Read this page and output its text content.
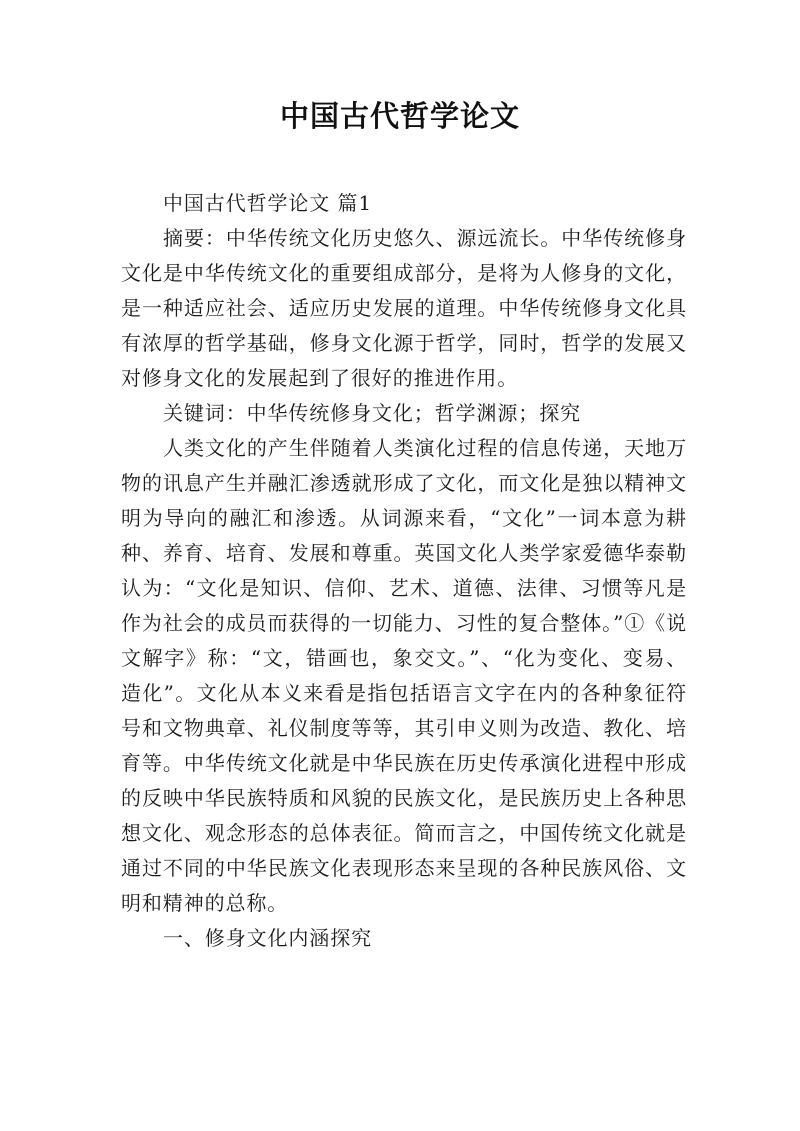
中国古代哲学论文

中国古代哲学论文 篇1

摘要：中华传统文化历史悠久、源远流长。中华传统修身文化是中华传统文化的重要组成部分，是将为人修身的文化，是一种适应社会、适应历史发展的道理。中华传统修身文化具有浓厚的哲学基础，修身文化源于哲学，同时，哲学的发展又对修身文化的发展起到了很好的推进作用。

关键词：中华传统修身文化；哲学渊源；探究

人类文化的产生伴随着人类演化过程的信息传递，天地万物的讯息产生并融汇渗透就形成了文化，而文化是独以精神文明为导向的融汇和渗透。从词源来看，“文化”一词本意为耕种、养育、培育、发展和尊重。英国文化人类学家爱德华泰勒认为：“文化是知识、信仰、艺术、道德、法律、习惯等凡是作为社会的成员而获得的一切能力、习性的复合整体。”①《说文解字》称：“文，错画也，象交文。”、“化为变化、变易、造化”。文化从本义来看是指包括语言文字在内的各种象征符号和文物典章、礼仪制度等等，其引申义则为改造、教化、培育等。中华传统文化就是中华民族在历史传承演化进程中形成的反映中华民族特质和风貌的民族文化，是民族历史上各种思想文化、观念形态的总体表征。简而言之，中国传统文化就是通过不同的中华民族文化表现形态来呈现的各种民族风俗、文明和精神的总称。

一、修身文化内涵探究
